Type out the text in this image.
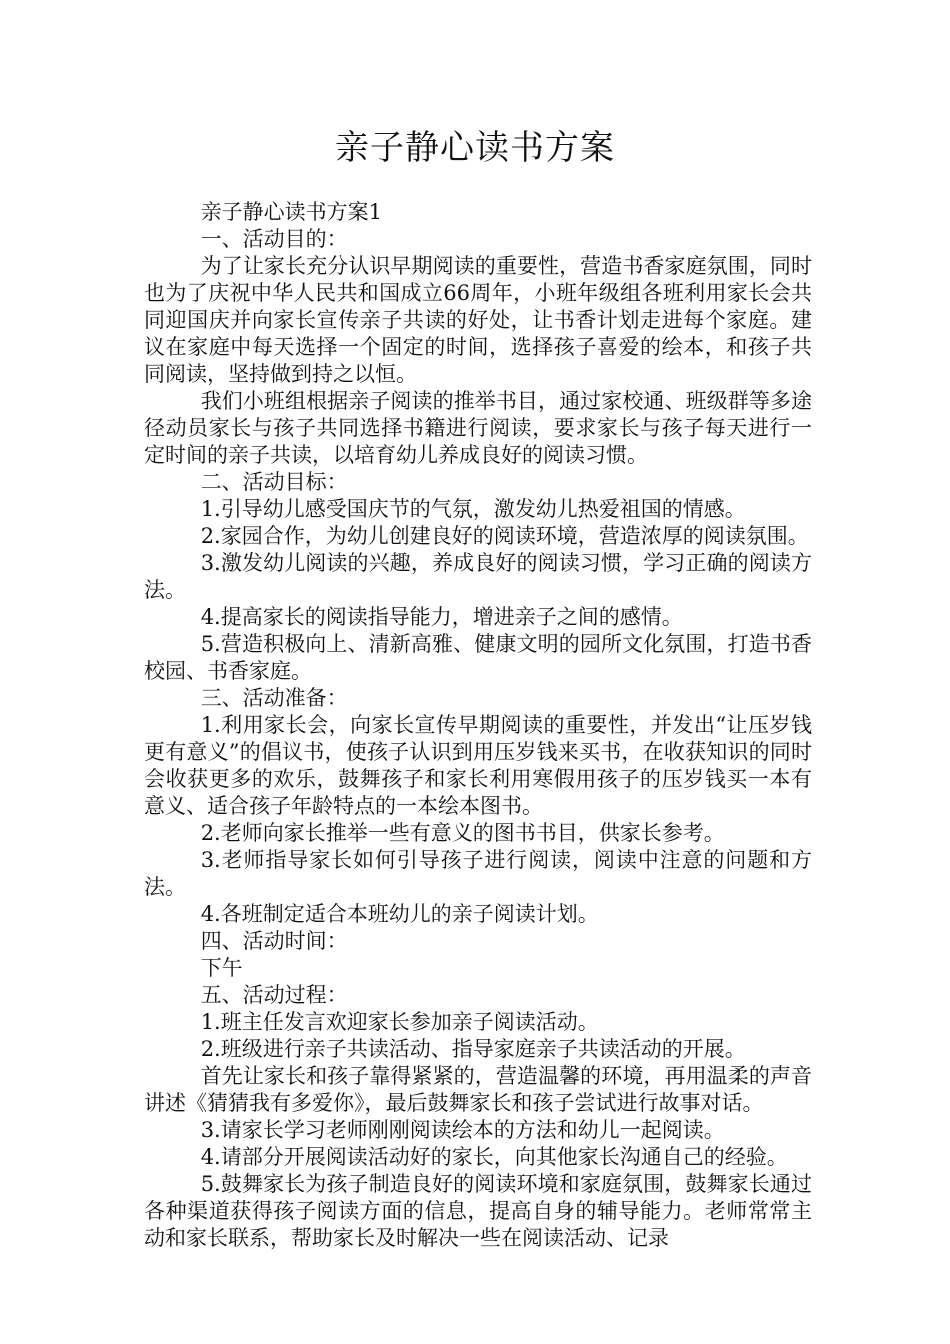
亲子静心读书方案

亲子静心读书方案1

一、活动目的：

为了让家长充分认识早期阅读的重要性，营造书香家庭氛围，同时也为了庆祝中华人民共和国成立66周年，小班年级组各班利用家长会共同迎国庆并向家长宣传亲子共读的好处，让书香计划走进每个家庭。建议在家庭中每天选择一个固定的时间，选择孩子喜爱的绘本，和孩子共同阅读，坚持做到持之以恒。

我们小班组根据亲子阅读的推举书目，通过家校通、班级群等多途径动员家长与孩子共同选择书籍进行阅读，要求家长与孩子每天进行一定时间的亲子共读，以培育幼儿养成良好的阅读习惯。

二、活动目标：

1.引导幼儿感受国庆节的气氛，激发幼儿热爱祖国的情感。

2.家园合作，为幼儿创建良好的阅读环境，营造浓厚的阅读氛围。

3.激发幼儿阅读的兴趣，养成良好的阅读习惯，学习正确的阅读方法。

4.提高家长的阅读指导能力，增进亲子之间的感情。

5.营造积极向上、清新高雅、健康文明的园所文化氛围，打造书香校园、书香家庭。

三、活动准备：

1.利用家长会，向家长宣传早期阅读的重要性，并发出“让压岁钱更有意义”的倡议书，使孩子认识到用压岁钱来买书，在收获知识的同时会收获更多的欢乐，鼓舞孩子和家长利用寒假用孩子的压岁钱买一本有意义、适合孩子年龄特点的一本绘本图书。

2.老师向家长推举一些有意义的图书书目，供家长参考。

3.老师指导家长如何引导孩子进行阅读，阅读中注意的问题和方法。

4.各班制定适合本班幼儿的亲子阅读计划。

四、活动时间：

下午

五、活动过程：

1.班主任发言欢迎家长参加亲子阅读活动。

2.班级进行亲子共读活动、指导家庭亲子共读活动的开展。

首先让家长和孩子靠得紧紧的，营造温馨的环境，再用温柔的声音讲述《猜猜我有多爱你》，最后鼓舞家长和孩子尝试进行故事对话。

3.请家长学习老师刚刚阅读绘本的方法和幼儿一起阅读。

4.请部分开展阅读活动好的家长，向其他家长沟通自己的经验。

5.鼓舞家长为孩子制造良好的阅读环境和家庭氛围，鼓舞家长通过各种渠道获得孩子阅读方面的信息，提高自身的辅导能力。老师常常主动和家长联系，帮助家长及时解决一些在阅读活动、记录
